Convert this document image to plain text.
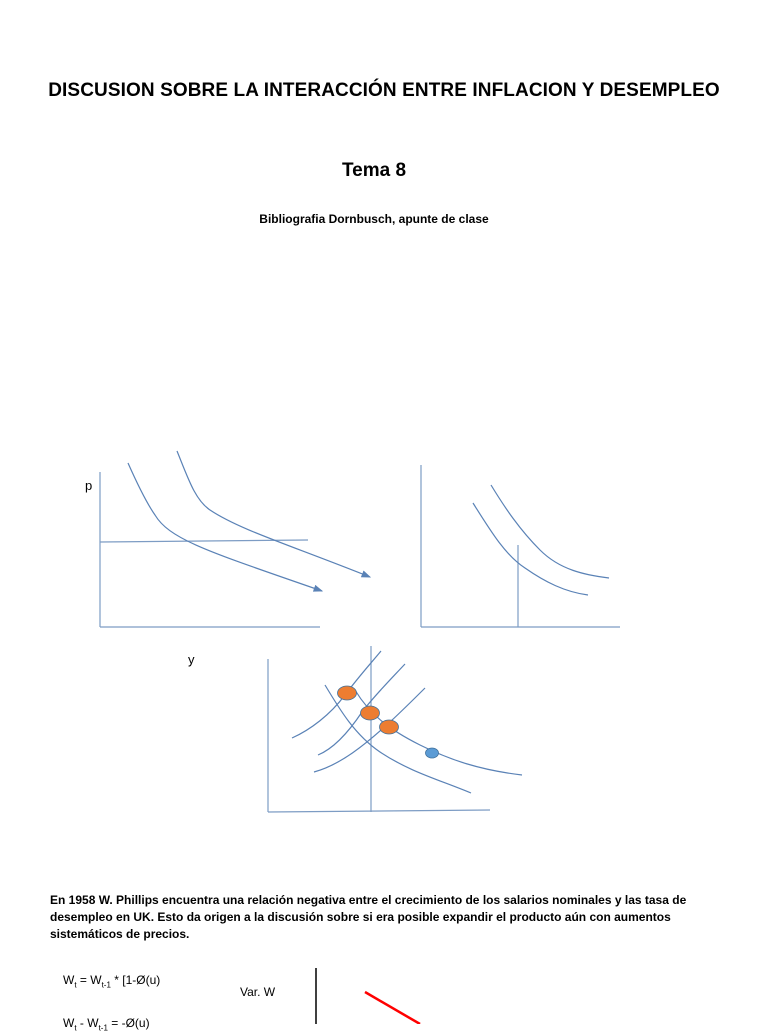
DISCUSION SOBRE LA INTERACCIÓN ENTRE INFLACION Y DESEMPLEO
Tema 8
Bibliografia Dornbusch, apunte de clase
p
y
En 1958 W. Phillips encuentra una relación negativa entre el crecimiento de los salarios nominales y las tasa de desempleo en UK. Esto da origen a la discusión sobre si era posible expandir el producto aún con aumentos sistemáticos de precios.
$W_t = W_{t-1}$ * [1-Ø(u)
$W_t - W_{t-1}$ = -Ø(u)
Var. W
